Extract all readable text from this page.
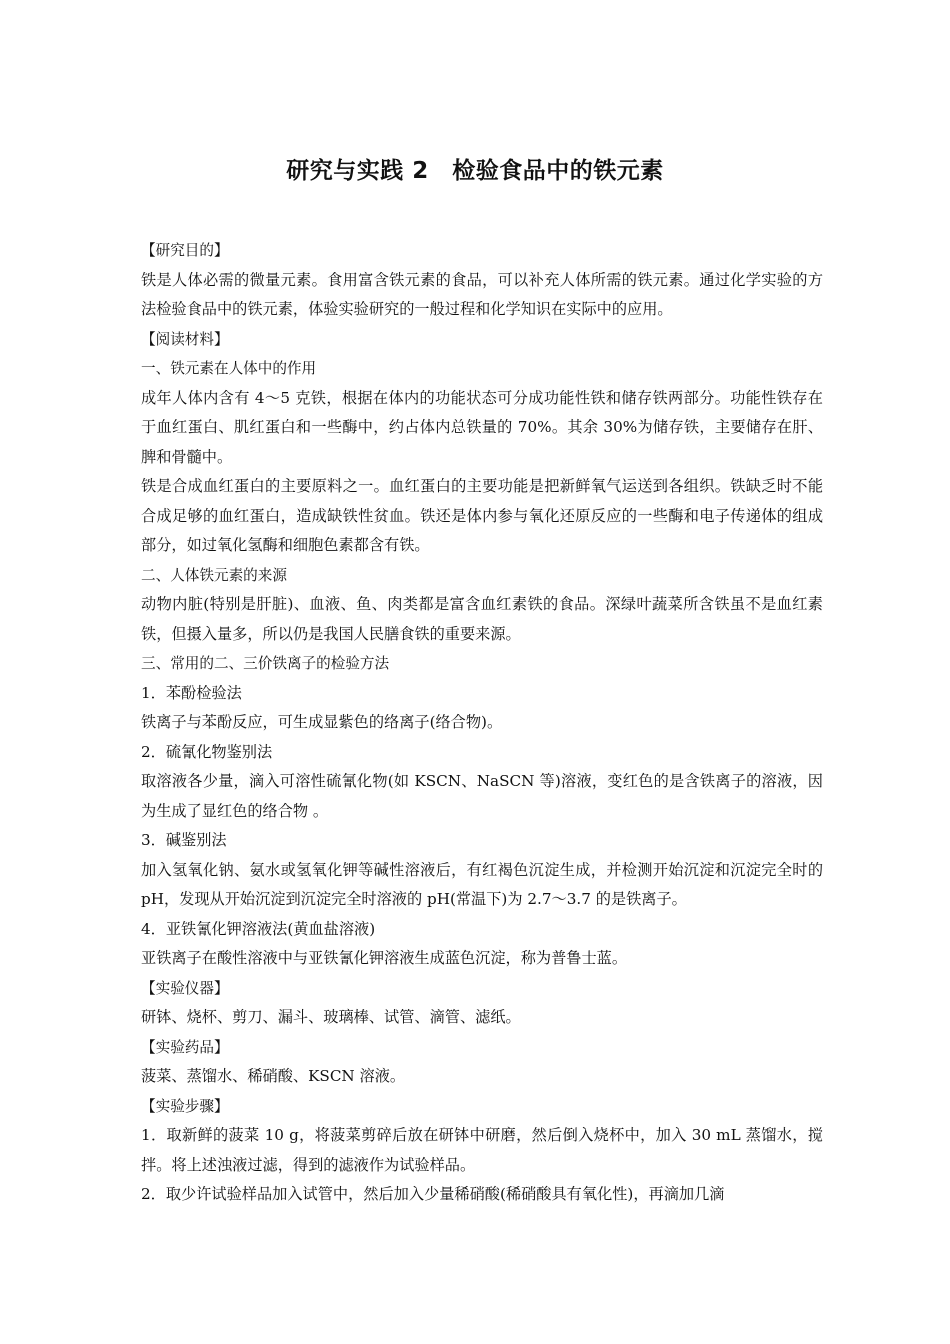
研究与实践 2　检验食品中的铁元素

【研究目的】

铁是人体必需的微量元素。食用富含铁元素的食品，可以补充人体所需的铁元素。通过化学实验的方法检验食品中的铁元素，体验实验研究的一般过程和化学知识在实际中的应用。

【阅读材料】

一、铁元素在人体中的作用

成年人体内含有 4～5 克铁，根据在体内的功能状态可分成功能性铁和储存铁两部分。功能性铁存在于血红蛋白、肌红蛋白和一些酶中，约占体内总铁量的 70%。其余 30%为储存铁，主要储存在肝、脾和骨髓中。

铁是合成血红蛋白的主要原料之一。血红蛋白的主要功能是把新鲜氧气运送到各组织。铁缺乏时不能合成足够的血红蛋白，造成缺铁性贫血。铁还是体内参与氧化还原反应的一些酶和电子传递体的组成部分，如过氧化氢酶和细胞色素都含有铁。

二、人体铁元素的来源

动物内脏(特别是肝脏)、血液、鱼、肉类都是富含血红素铁的食品。深绿叶蔬菜所含铁虽不是血红素铁，但摄入量多，所以仍是我国人民膳食铁的重要来源。

三、常用的二、三价铁离子的检验方法

1．苯酚检验法

铁离子与苯酚反应，可生成显紫色的络离子(络合物)。

2．硫氰化物鉴别法

取溶液各少量，滴入可溶性硫氰化物(如 KSCN、NaSCN 等)溶液，变红色的是含铁离子的溶液，因为生成了显红色的络合物 。

3．碱鉴别法

加入氢氧化钠、氨水或氢氧化钾等碱性溶液后，有红褐色沉淀生成，并检测开始沉淀和沉淀完全时的 pH，发现从开始沉淀到沉淀完全时溶液的 pH(常温下)为 2.7～3.7 的是铁离子。

4．亚铁氰化钾溶液法(黄血盐溶液)

亚铁离子在酸性溶液中与亚铁氰化钾溶液生成蓝色沉淀，称为普鲁士蓝。

【实验仪器】

研钵、烧杯、剪刀、漏斗、玻璃棒、试管、滴管、滤纸。

【实验药品】

菠菜、蒸馏水、稀硝酸、KSCN 溶液。

【实验步骤】

1．取新鲜的菠菜 10 g，将菠菜剪碎后放在研钵中研磨，然后倒入烧杯中，加入 30 mL 蒸馏水，搅拌。将上述浊液过滤，得到的滤液作为试验样品。

2．取少许试验样品加入试管中，然后加入少量稀硝酸(稀硝酸具有氧化性)，再滴加几滴
